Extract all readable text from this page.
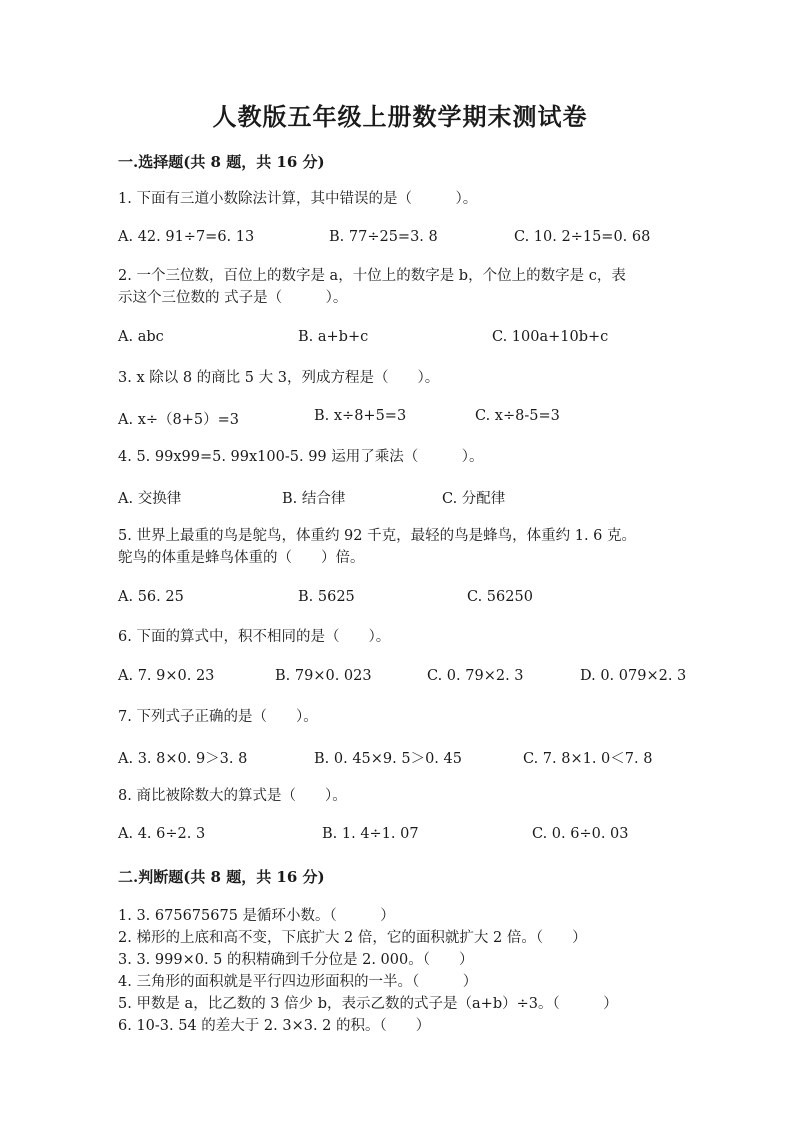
人教版五年级上册数学期末测试卷
一.选择题(共 8 题，共 16 分)
1. 下面有三道小数除法计算，其中错误的是（　　　）。
A. 42. 91÷7=6. 13	B. 77÷25=3. 8	C. 10. 2÷15=0. 68
2. 一个三位数，百位上的数字是 a，十位上的数字是 b，个位上的数字是 c，表
示这个三位数的 式子是（　　　）。
A. abc	B. a+b+c	C. 100a+10b+c
3. x 除以 8 的商比 5 大 3，列成方程是（　　）。
A. x÷（8+5）=3	B. x÷8+5=3	C. x÷8-5=3
4. 5. 99x99=5. 99x100-5. 99 运用了乘法（　　　）。
A. 交换律	B. 结合律	C. 分配律
5. 世界上最重的鸟是鸵鸟，体重约 92 千克，最轻的鸟是蜂鸟，体重约 1. 6 克。
鸵鸟的体重是蜂鸟体重的（　　）倍。
A. 56. 25	B. 5625	C. 56250
6. 下面的算式中，积不相同的是（　　）。
A. 7. 9×0. 23	B. 79×0. 023	C. 0. 79×2. 3	D. 0. 079×2. 3
7. 下列式子正确的是（　　）。
A. 3. 8×0. 9＞3. 8	B. 0. 45×9. 5＞0. 45	C. 7. 8×1. 0＜7. 8
8. 商比被除数大的算式是（　　）。
A. 4. 6÷2. 3	B. 1. 4÷1. 07	C. 0. 6÷0. 03
二.判断题(共 8 题，共 16 分)
1. 3. 675675675 是循环小数。（　　　）
2. 梯形的上底和高不变，下底扩大 2 倍，它的面积就扩大 2 倍。（　　）
3. 3. 999×0. 5 的积精确到千分位是 2. 000。（　　）
4. 三角形的面积就是平行四边形面积的一半。（　　　）
5. 甲数是 a，比乙数的 3 倍少 b，表示乙数的式子是（a+b）÷3。（　　　）
6. 10-3. 54 的差大于 2. 3×3. 2 的积。（　　）
